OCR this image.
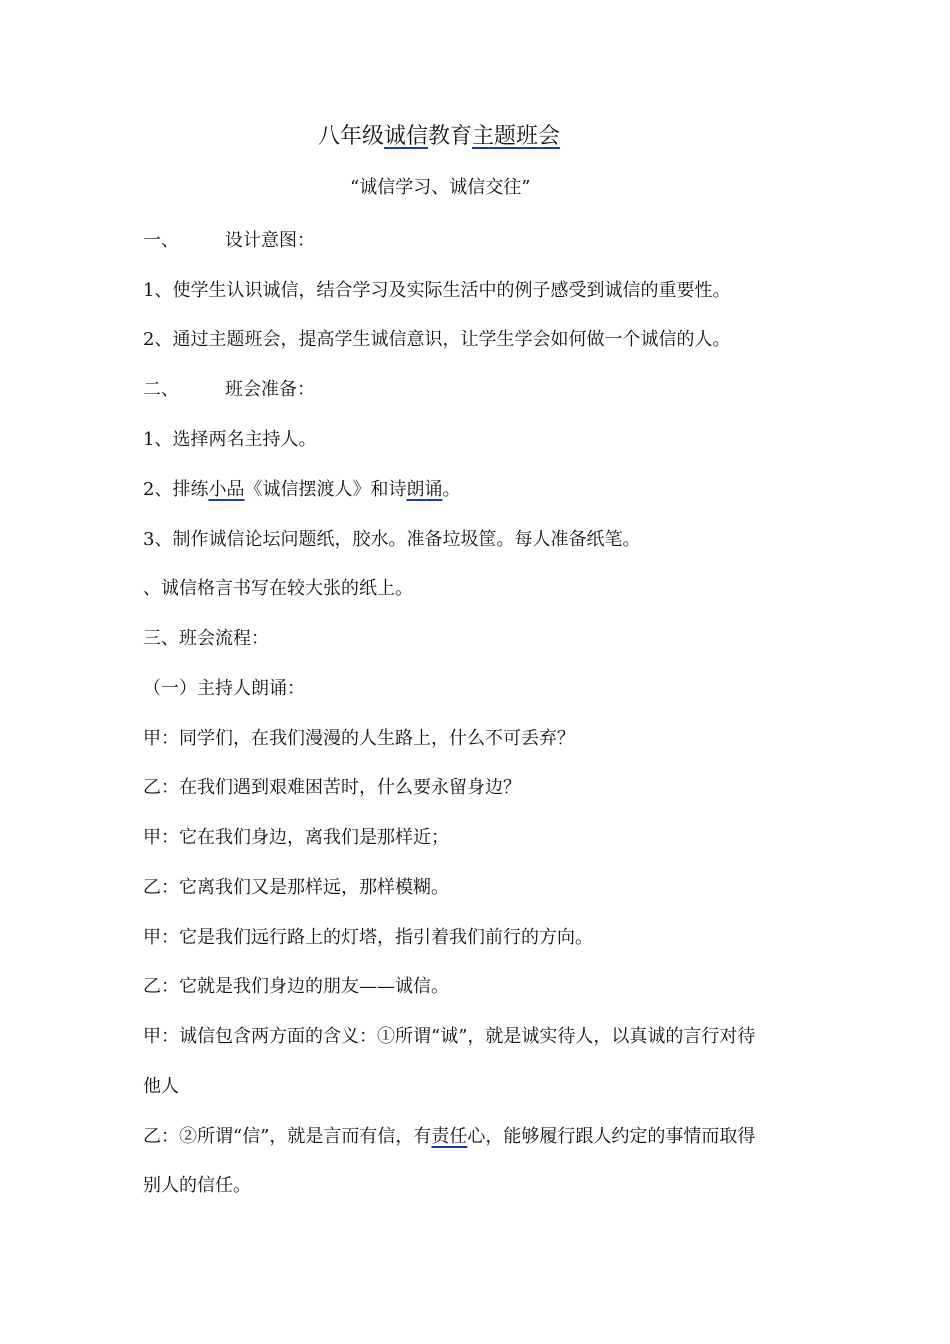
八年级诚信教育主题班会
“诚信学习、诚信交往”
一、	设计意图：
1、使学生认识诚信，结合学习及实际生活中的例子感受到诚信的重要性。
2、通过主题班会，提高学生诚信意识，让学生学会如何做一个诚信的人。
二、	班会准备：
1、选择两名主持人。
2、排练小品《诚信摆渡人》和诗朗诵。
3、制作诚信论坛问题纸，胶水。准备垃圾筐。每人准备纸笔。
、诚信格言书写在较大张的纸上。
三、班会流程：
（一）主持人朗诵：
甲：同学们，在我们漫漫的人生路上，什么不可丢弃？
乙：在我们遇到艰难困苦时，什么要永留身边？
甲：它在我们身边，离我们是那样近；
乙：它离我们又是那样远，那样模糊。
甲：它是我们远行路上的灯塔，指引着我们前行的方向。
乙：它就是我们身边的朋友——诚信。
甲：诚信包含两方面的含义：①所谓“诚”，就是诚实待人，以真诚的言行对待
他人
乙：②所谓“信”，就是言而有信，有责任心，能够履行跟人约定的事情而取得
别人的信任。
